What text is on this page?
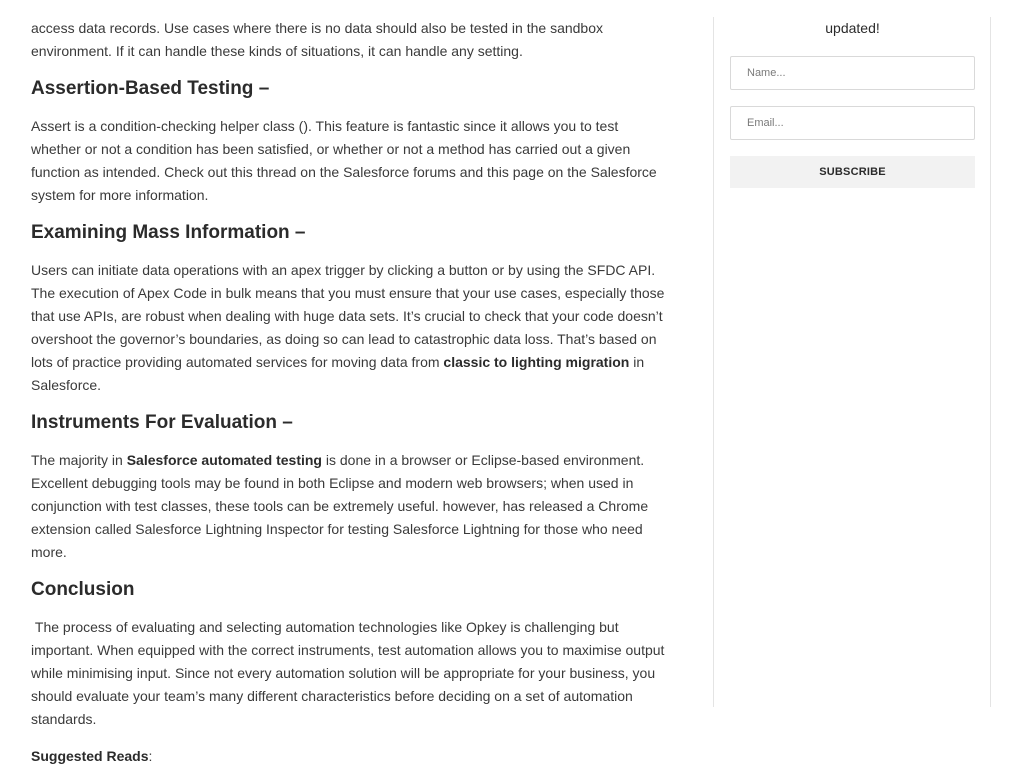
access data records. Use cases where there is no data should also be tested in the sandbox environment. If it can handle these kinds of situations, it can handle any setting.

Assertion-Based Testing –

Assert is a condition-checking helper class (). This feature is fantastic since it allows you to test whether or not a condition has been satisfied, or whether or not a method has carried out a given function as intended. Check out this thread on the Salesforce forums and this page on the Salesforce system for more information.

Examining Mass Information –

Users can initiate data operations with an apex trigger by clicking a button or by using the SFDC API. The execution of Apex Code in bulk means that you must ensure that your use cases, especially those that use APIs, are robust when dealing with huge data sets. It’s crucial to check that your code doesn’t overshoot the governor’s boundaries, as doing so can lead to catastrophic data loss. That’s based on lots of practice providing automated services for moving data from classic to lighting migration in Salesforce.

Instruments For Evaluation –

The majority in Salesforce automated testing is done in a browser or Eclipse-based environment. Excellent debugging tools may be found in both Eclipse and modern web browsers; when used in conjunction with test classes, these tools can be extremely useful. however, has released a Chrome extension called Salesforce Lightning Inspector for testing Salesforce Lightning for those who need more.

Conclusion

The process of evaluating and selecting automation technologies like Opkey is challenging but important. When equipped with the correct instruments, test automation allows you to maximise output while minimising input. Since not every automation solution will be appropriate for your business, you should evaluate your team’s many different characteristics before deciding on a set of automation standards.

Suggested Reads:

updated!

Name...
Email...
SUBSCRIBE
